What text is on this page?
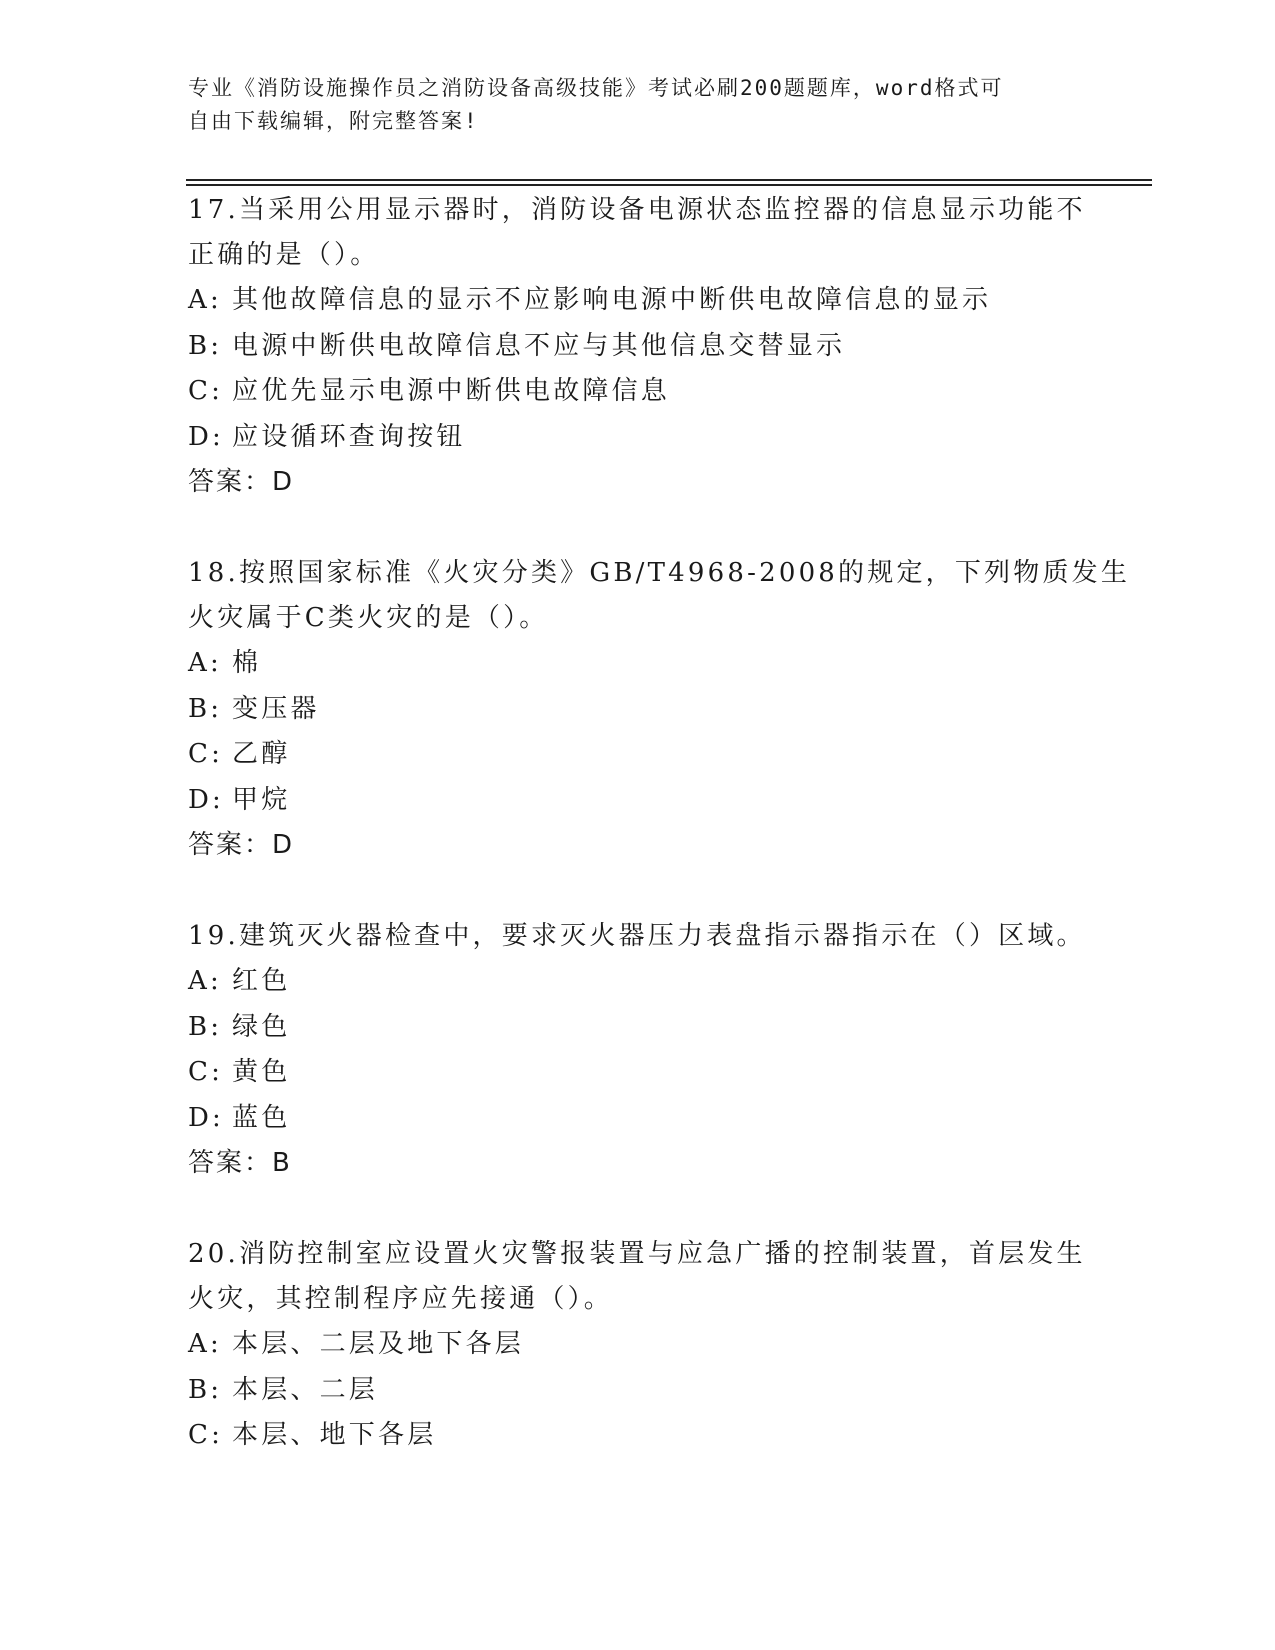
专业《消防设施操作员之消防设备高级技能》考试必刷200题题库，word格式可
自由下载编辑，附完整答案!
17.当采用公用显示器时，消防设备电源状态监控器的信息显示功能不
正确的是（）。
A: 其他故障信息的显示不应影响电源中断供电故障信息的显示
B: 电源中断供电故障信息不应与其他信息交替显示
C: 应优先显示电源中断供电故障信息
D: 应设循环查询按钮
答案：D
18.按照国家标准《火灾分类》GB/T4968-2008的规定，下列物质发生
火灾属于C类火灾的是（）。
A: 棉
B: 变压器
C: 乙醇
D: 甲烷
答案：D
19.建筑灭火器检查中，要求灭火器压力表盘指示器指示在（）区域。
A: 红色
B: 绿色
C: 黄色
D: 蓝色
答案：B
20.消防控制室应设置火灾警报装置与应急广播的控制装置，首层发生
火灾，其控制程序应先接通（）。
A: 本层、二层及地下各层
B: 本层、二层
C: 本层、地下各层
